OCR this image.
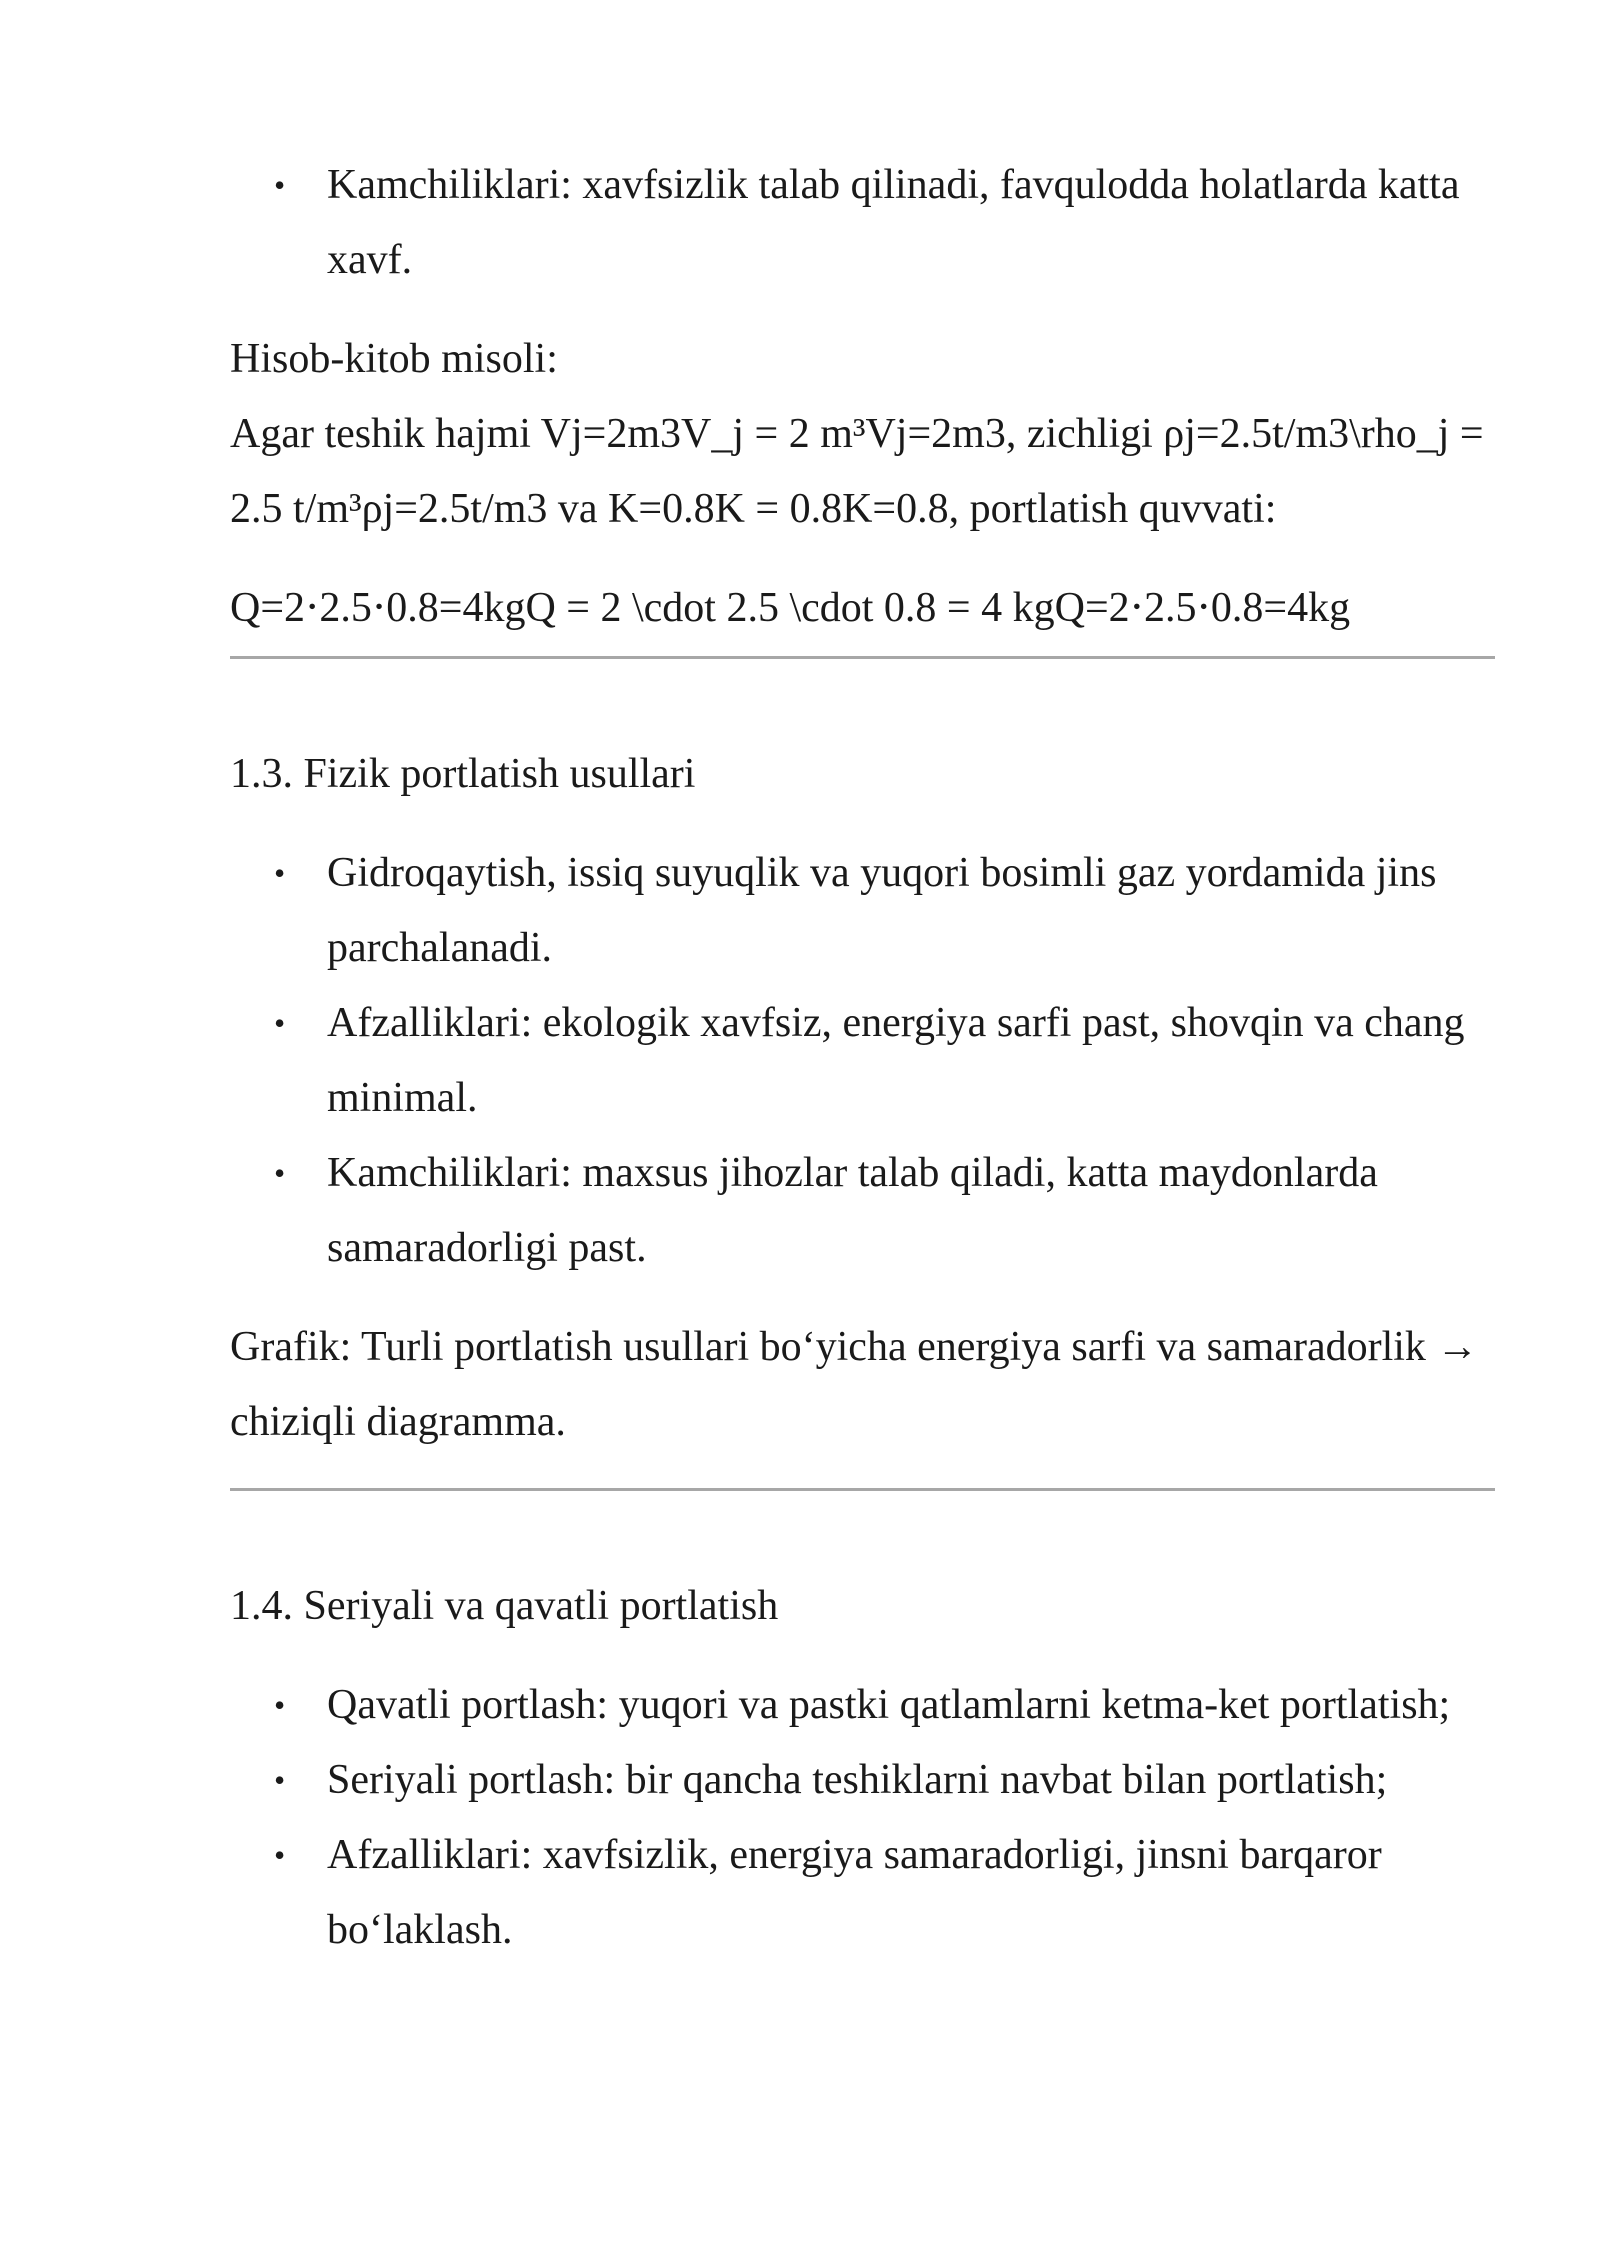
• Kamchiliklari: xavfsizlik talab qilinadi, favqulodda holatlarda katta xavf.

Hisob-kitob misoli:

Agar teshik hajmi Vj=2m3V_j = 2 m³Vj=2m3, zichligi ρj=2.5t/m3\rho_j = 2.5 t/m³ρj=2.5t/m3 va K=0.8K = 0.8K=0.8, portlatish quvvati:

Q=2⋅2.5⋅0.8=4kgQ = 2 \cdot 2.5 \cdot 0.8 = 4 kgQ=2⋅2.5⋅0.8=4kg

1.3. Fizik portlatish usullari

• Gidroqaytish, issiq suyuqlik va yuqori bosimli gaz yordamida jins parchalanadi.
• Afzalliklari: ekologik xavfsiz, energiya sarfi past, shovqin va chang minimal.
• Kamchiliklari: maxsus jihozlar talab qiladi, katta maydonlarda samaradorligi past.

Grafik: Turli portlatish usullari bo‘yicha energiya sarfi va samaradorlik → chiziqli diagramma.

1.4. Seriyali va qavatli portlatish

• Qavatli portlash: yuqori va pastki qatlamlarni ketma-ket portlatish;
• Seriyali portlash: bir qancha teshiklarni navbat bilan portlatish;
• Afzalliklari: xavfsizlik, energiya samaradorligi, jinsni barqaror bo‘laklash.
